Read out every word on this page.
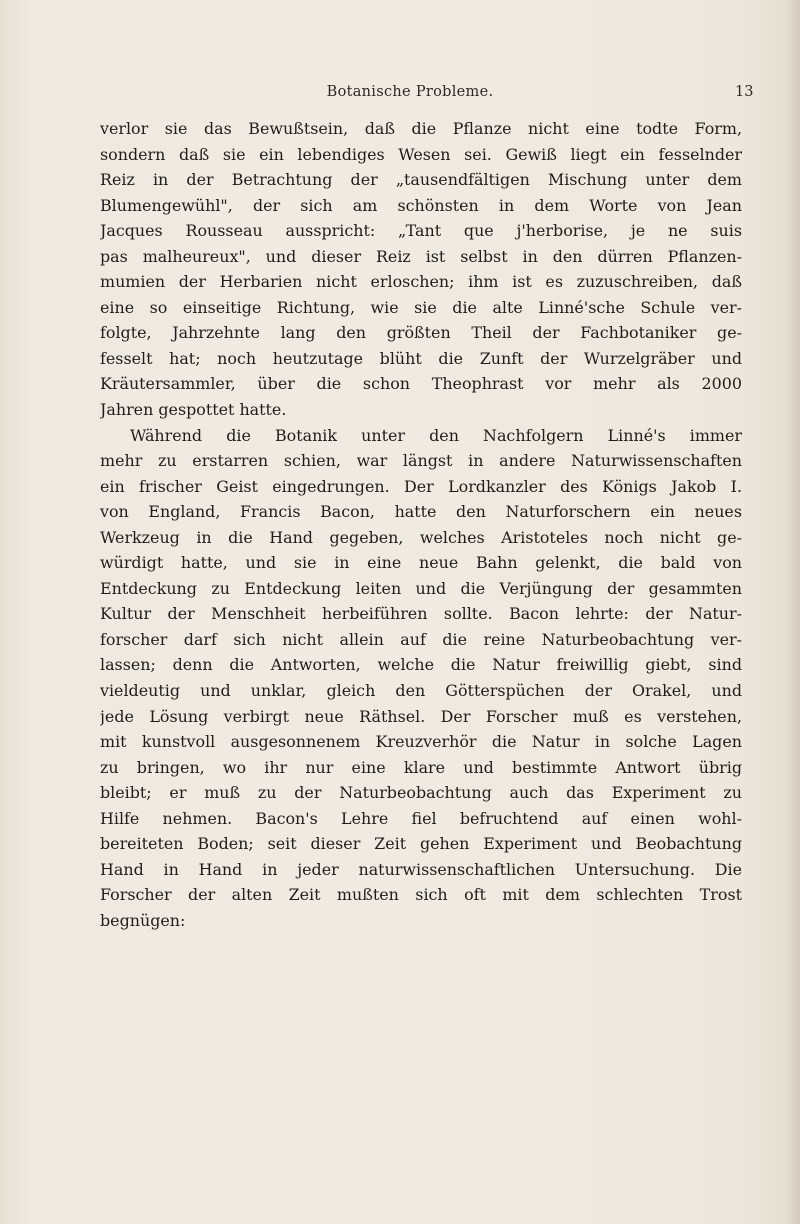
Botanische Probleme.	13
verlor sie das Bewußtsein, daß die Pflanze nicht eine todte Form,
sondern daß sie ein lebendiges Wesen sei. Gewiß liegt ein fesselnder
Reiz in der Betrachtung der „tausendfältigen Mischung unter dem
Blumengewühl", der sich am schönsten in dem Worte von Jean
Jacques Rousseau ausspricht: „Tant que j'herborise, je ne suis
pas malheureux", und dieser Reiz ist selbst in den dürren Pflanzen-
mumien der Herbarien nicht erloschen; ihm ist es zuzuschreiben, daß
eine so einseitige Richtung, wie sie die alte Linné'sche Schule ver-
folgte, Jahrzehnte lang den größten Theil der Fachbotaniker ge-
fesselt hat; noch heutzutage blüht die Zunft der Wurzelgräber und
Kräutersammler, über die schon Theophrast vor mehr als 2000
Jahren gespottet hatte.
Während die Botanik unter den Nachfolgern Linné's immer
mehr zu erstarren schien, war längst in andere Naturwissenschaften
ein frischer Geist eingedrungen. Der Lordkanzler des Königs Jakob I.
von England, Francis Bacon, hatte den Naturforschern ein neues
Werkzeug in die Hand gegeben, welches Aristoteles noch nicht ge-
würdigt hatte, und sie in eine neue Bahn gelenkt, die bald von
Entdeckung zu Entdeckung leiten und die Verjüngung der gesammten
Kultur der Menschheit herbeiführen sollte. Bacon lehrte: der Natur-
forscher darf sich nicht allein auf die reine Naturbeobachtung ver-
lassen; denn die Antworten, welche die Natur freiwillig giebt, sind
vieldeutig und unklar, gleich den Götterspüchen der Orakel, und
jede Lösung verbirgt neue Räthsel. Der Forscher muß es verstehen,
mit kunstvoll ausgesonnenem Kreuzverhör die Natur in solche Lagen
zu bringen, wo ihr nur eine klare und bestimmte Antwort übrig
bleibt; er muß zu der Naturbeobachtung auch das Experiment zu
Hilfe nehmen. Bacon's Lehre fiel befruchtend auf einen wohl-
bereiteten Boden; seit dieser Zeit gehen Experiment und Beobachtung
Hand in Hand in jeder naturwissenschaftlichen Untersuchung. Die
Forscher der alten Zeit mußten sich oft mit dem schlechten Trost
begnügen:
